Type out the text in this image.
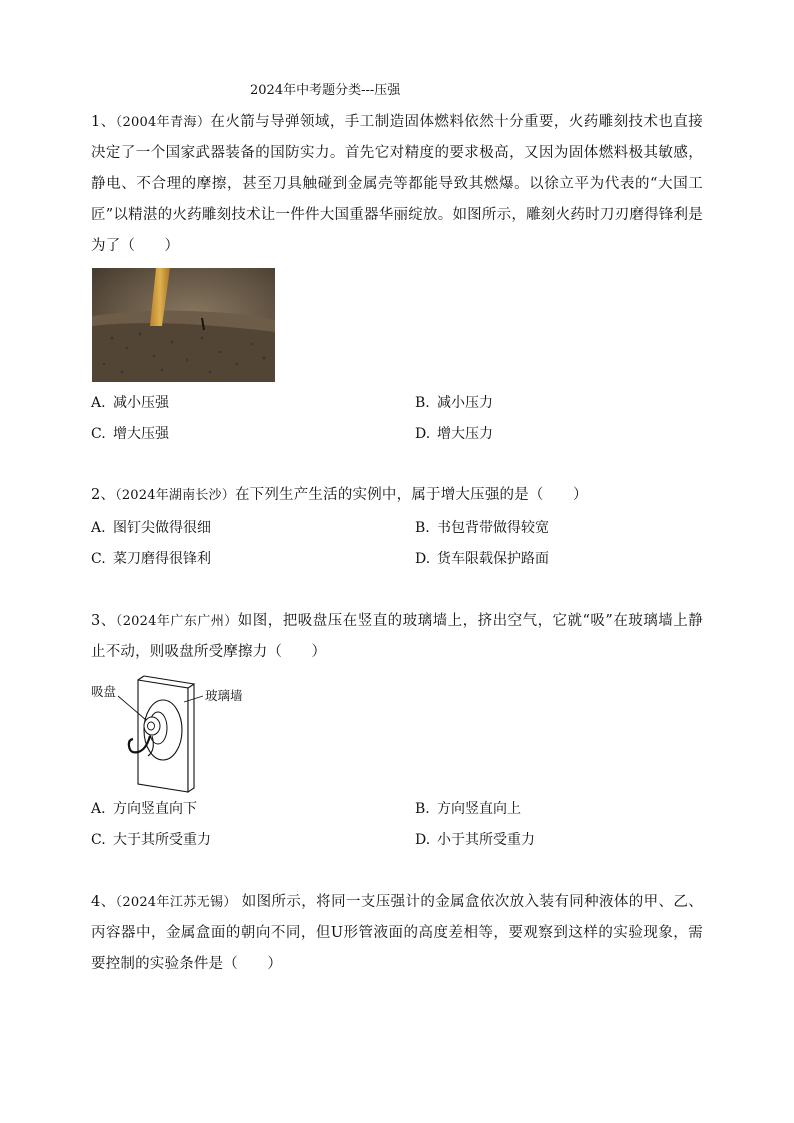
2024年中考题分类---压强
1、（2004年青海）在火箭与导弹领域，手工制造固体燃料依然十分重要，火药雕刻技术也直接决定了一个国家武器装备的国防实力。首先它对精度的要求极高，又因为固体燃料极其敏感，静电、不合理的摩擦，甚至刀具触碰到金属壳等都能导致其燃爆。以徐立平为代表的“大国工匠”以精湛的火药雕刻技术让一件件大国重器华丽绽放。如图所示，雕刻火药时刀刃磨得锋利是为了（　　）
A. 减小压强	B. 减小压力
C. 增大压强	D. 增大压力
2、（2024年湖南长沙）在下列生产生活的实例中，属于增大压强的是（　　）
A. 图钉尖做得很细	B. 书包背带做得较宽
C. 菜刀磨得很锋利	D. 货车限载保护路面
3、（2024年广东广州）如图，把吸盘压在竖直的玻璃墙上，挤出空气，它就“吸”在玻璃墙上静止不动，则吸盘所受摩擦力（　　）
吸盘	玻璃墙
A. 方向竖直向下	B. 方向竖直向上
C. 大于其所受重力	D. 小于其所受重力
4、（2024年江苏无锡） 如图所示，将同一支压强计的金属盒依次放入装有同种液体的甲、乙、丙容器中，金属盒面的朝向不同，但U形管液面的高度差相等，要观察到这样的实验现象，需要控制的实验条件是（　　）
